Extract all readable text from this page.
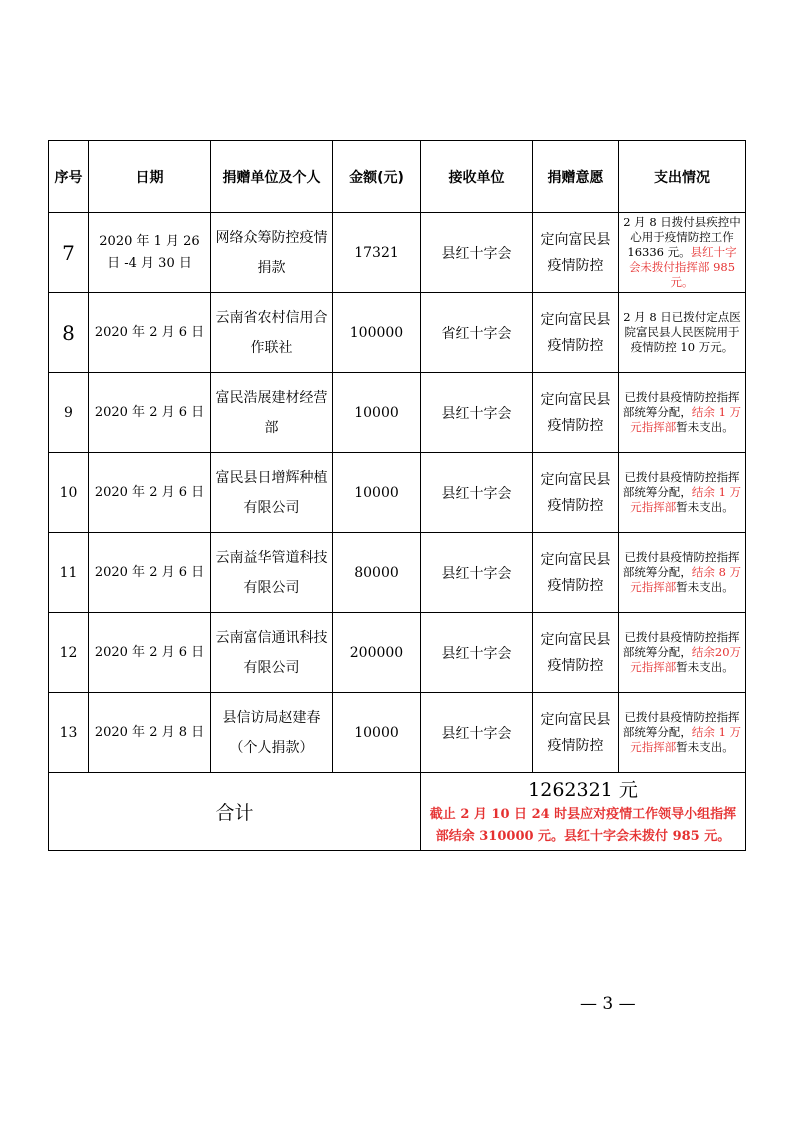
序号	日期	捐赠单位及个人	金额(元)	接收单位	捐赠意愿	支出情况
7	2020 年 1 月 26 日 -4 月 30 日	网络众筹防控疫情捐款	17321	县红十字会	定向富民县疫情防控	2 月 8 日拨付县疾控中心用于疫情防控工作 16336 元。县红十字会未拨付指挥部 985 元。
8	2020 年 2 月 6 日	云南省农村信用合作联社	100000	省红十字会	定向富民县疫情防控	2 月 8 日已拨付定点医院富民县人民医院用于疫情防控 10 万元。
9	2020 年 2 月 6 日	富民浩展建材经营部	10000	县红十字会	定向富民县疫情防控	已拨付县疫情防控指挥部统筹分配，结余 1 万元指挥部暂未支出。
10	2020 年 2 月 6 日	富民县日增辉种植有限公司	10000	县红十字会	定向富民县疫情防控	已拨付县疫情防控指挥部统筹分配，结余 1 万元指挥部暂未支出。
11	2020 年 2 月 6 日	云南益华管道科技有限公司	80000	县红十字会	定向富民县疫情防控	已拨付县疫情防控指挥部统筹分配，结余 8 万元指挥部暂未支出。
12	2020 年 2 月 6 日	云南富信通讯科技有限公司	200000	县红十字会	定向富民县疫情防控	已拨付县疫情防控指挥部统筹分配，结余20万元指挥部暂未支出。
13	2020 年 2 月 8 日	县信访局赵建春（个人捐款）	10000	县红十字会	定向富民县疫情防控	已拨付县疫情防控指挥部统筹分配，结余 1 万元指挥部暂未支出。
合计				1262321 元
截止 2 月 10 日 24 时县应对疫情工作领导小组指挥部结余 310000 元。县红十字会未拨付 985 元。		
— 3 —
